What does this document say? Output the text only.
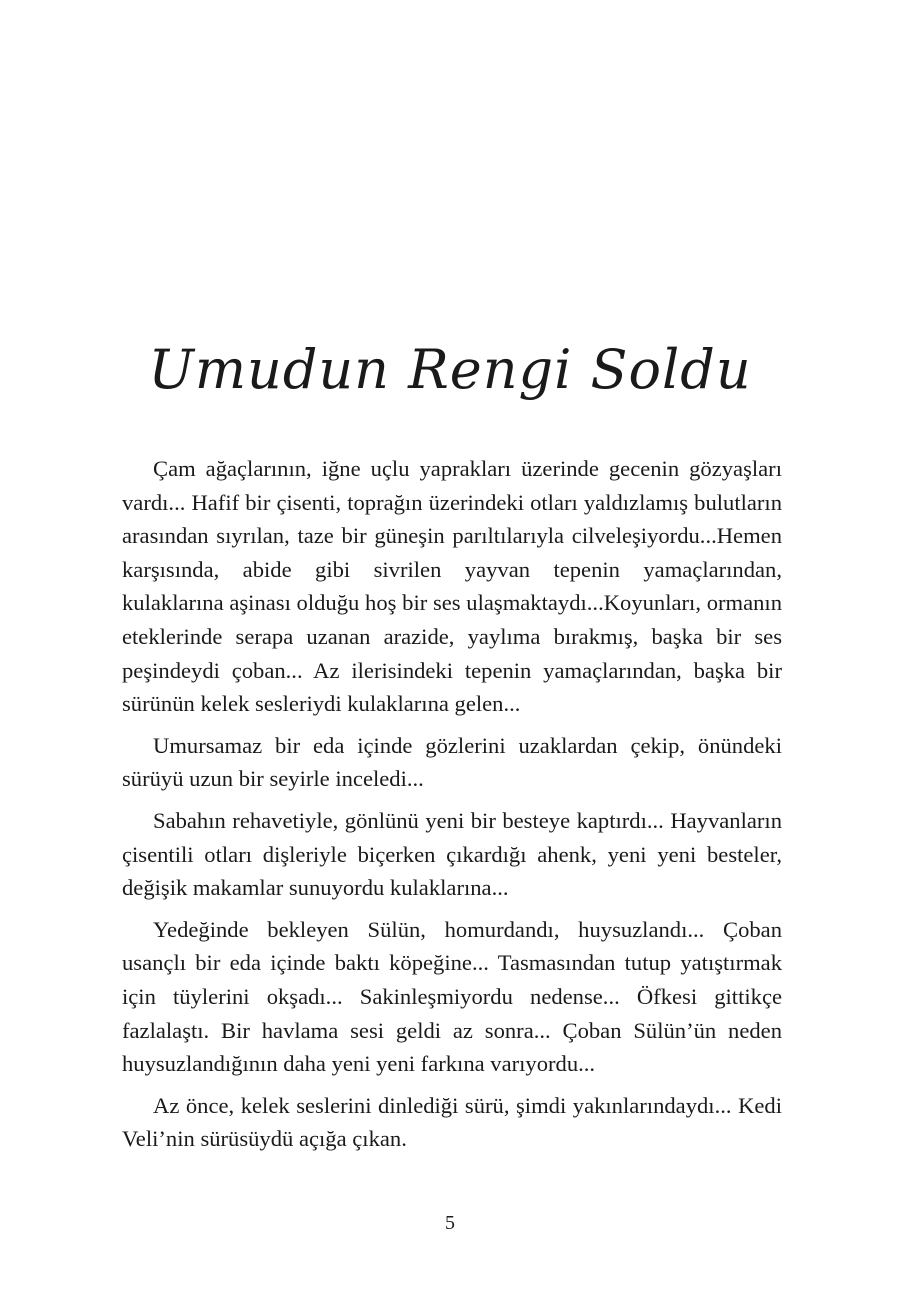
Umudun Rengi Soldu

Çam ağaçlarının, iğne uçlu yaprakları üzerinde gecenin gözyaşları vardı... Hafif bir çisenti, toprağın üzerindeki otları yaldızlamış bulutların arasından sıyrılan, taze bir güneşin parıltılarıyla cilveleşiyordu...Hemen karşısında, abide gibi sivrilen yayvan tepenin yamaçlarından, kulaklarına aşinası olduğu hoş bir ses ulaşmaktaydı...Koyunları, ormanın eteklerinde serapa uzanan arazide, yaylıma bırakmış, başka bir ses peşindeydi çoban... Az ilerisindeki tepenin yamaçlarından, başka bir sürünün kelek sesleriydi kulaklarına gelen...

Umursamaz bir eda içinde gözlerini uzaklardan çekip, önündeki sürüyü uzun bir seyirle inceledi...

Sabahın rehavetiyle, gönlünü yeni bir besteye kaptırdı... Hayvanların çisentili otları dişleriyle biçerken çıkardığı ahenk, yeni yeni besteler, değişik makamlar sunuyordu kulaklarına...

Yedeğinde bekleyen Sülün, homurdandı, huysuzlandı... Çoban usançlı bir eda içinde baktı köpeğine... Tasmasından tutup yatıştırmak için tüylerini okşadı... Sakinleşmiyordu nedense... Öfkesi gittikçe fazlalaştı. Bir havlama sesi geldi az sonra... Çoban Sülün’ün neden huysuzlandığının daha yeni yeni farkına varıyordu...

Az önce, kelek seslerini dinlediği sürü, şimdi yakınlarındaydı... Kedi Veli’nin sürüsüydü açığa çıkan.

5
